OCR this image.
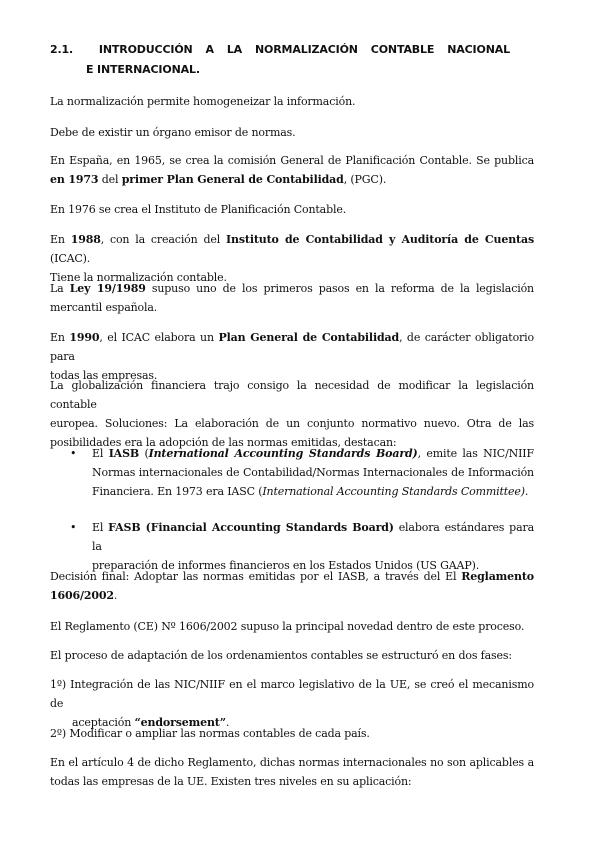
2.1.	INTRODUCCIÓN A LA NORMALIZACIÓN CONTABLE NACIONAL
E INTERNACIONAL.

La normalización permite homogeneizar la información.

Debe de existir un órgano emisor de normas.

En España, en 1965, se crea la comisión General de Planificación Contable. Se publica
en 1973 del primer Plan General de Contabilidad, (PGC).

En 1976 se crea el Instituto de Planificación Contable.

En 1988, con la creación del Instituto de Contabilidad y Auditoría de Cuentas (ICAC).
Tiene la normalización contable.
La Ley 19/1989 supuso uno de los primeros pasos en la reforma de la legislación
mercantil española.
En 1990, el ICAC elabora un Plan General de Contabilidad, de carácter obligatorio para
todas las empresas.
La globalización financiera trajo consigo la necesidad de modificar la legislación contable
europea. Soluciones: La elaboración de un conjunto normativo nuevo. Otra de las
posibilidades era la adopción de las normas emitidas, destacan:
• El IASB (International Accounting Standards Board), emite las NIC/NIIF
Normas internacionales de Contabilidad/Normas Internacionales de Información
Financiera. En 1973 era IASC (International Accounting Standards Committee).
• El FASB (Financial Accounting Standards Board) elabora estándares para la
preparación de informes financieros en los Estados Unidos (US GAAP).
Decisión final: Adoptar las normas emitidas por el IASB, a través del El Reglamento
1606/2002.

El Reglamento (CE) Nº 1606/2002 supuso la principal novedad dentro de este proceso.

El proceso de adaptación de los ordenamientos contables se estructuró en dos fases:

1º) Integración de las NIC/NIIF en el marco legislativo de la UE, se creó el mecanismo de
aceptación “endorsement”.

2º) Modificar o ampliar las normas contables de cada país.

En el artículo 4 de dicho Reglamento, dichas normas internacionales no son aplicables a
todas las empresas de la UE. Existen tres niveles en su aplicación:
